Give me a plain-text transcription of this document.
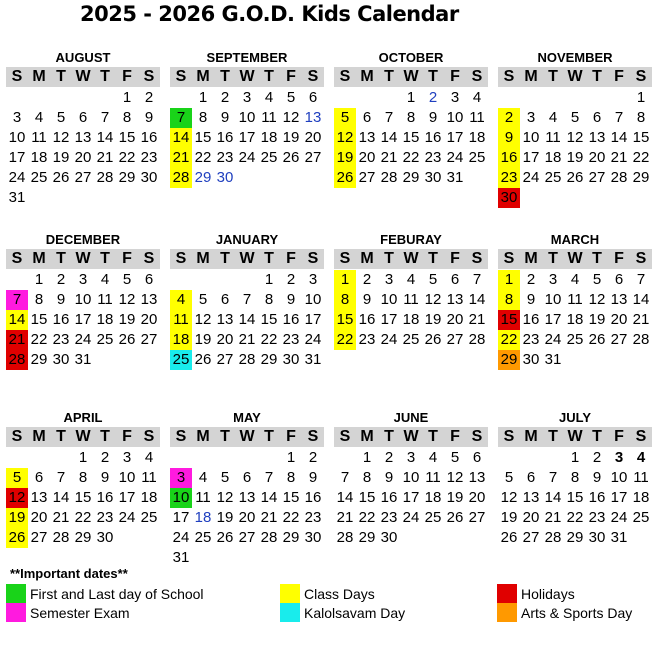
2025 - 2026 G.O.D. Kids Calendar
AUGUST
S M T W T F S
1 2
3 4 5 6 7 8 9
10 11 12 13 14 15 16
17 18 19 20 21 22 23
24 25 26 27 28 29 30
31
SEPTEMBER
S M T W T F S
1 2 3 4 5 6
7 8 9 10 11 12 13
14 15 16 17 18 19 20
21 22 23 24 25 26 27
28 29 30
OCTOBER
S M T W T F S
1 2 3 4
5 6 7 8 9 10 11
12 13 14 15 16 17 18
19 20 21 22 23 24 25
26 27 28 29 30 31
NOVEMBER
S M T W T F S
1
2 3 4 5 6 7 8
9 10 11 12 13 14 15
16 17 18 19 20 21 22
23 24 25 26 27 28 29
30
DECEMBER
S M T W T F S
1 2 3 4 5 6
7 8 9 10 11 12 13
14 15 16 17 18 19 20
21 22 23 24 25 26 27
28 29 30 31
JANUARY
S M T W T F S
1 2 3
4 5 6 7 8 9 10
11 12 13 14 15 16 17
18 19 20 21 22 23 24
25 26 27 28 29 30 31
FEBURAY
S M T W T F S
1 2 3 4 5 6 7
8 9 10 11 12 13 14
15 16 17 18 19 20 21
22 23 24 25 26 27 28
MARCH
S M T W T F S
1 2 3 4 5 6 7
8 9 10 11 12 13 14
15 16 17 18 19 20 21
22 23 24 25 26 27 28
29 30 31
APRIL
S M T W T F S
1 2 3 4
5 6 7 8 9 10 11
12 13 14 15 16 17 18
19 20 21 22 23 24 25
26 27 28 29 30
MAY
S M T W T F S
1 2
3 4 5 6 7 8 9
10 11 12 13 14 15 16
17 18 19 20 21 22 23
24 25 26 27 28 29 30
31
JUNE
S M T W T F S
1 2 3 4 5 6
7 8 9 10 11 12 13
14 15 16 17 18 19 20
21 22 23 24 25 26 27
28 29 30
JULY
S M T W T F S
1 2 3 4
5 6 7 8 9 10 11
12 13 14 15 16 17 18
19 20 21 22 23 24 25
26 27 28 29 30 31
**Important dates**
First and Last day of School
Semester Exam
Class Days
Kalolsavam Day
Holidays
Arts & Sports Day
